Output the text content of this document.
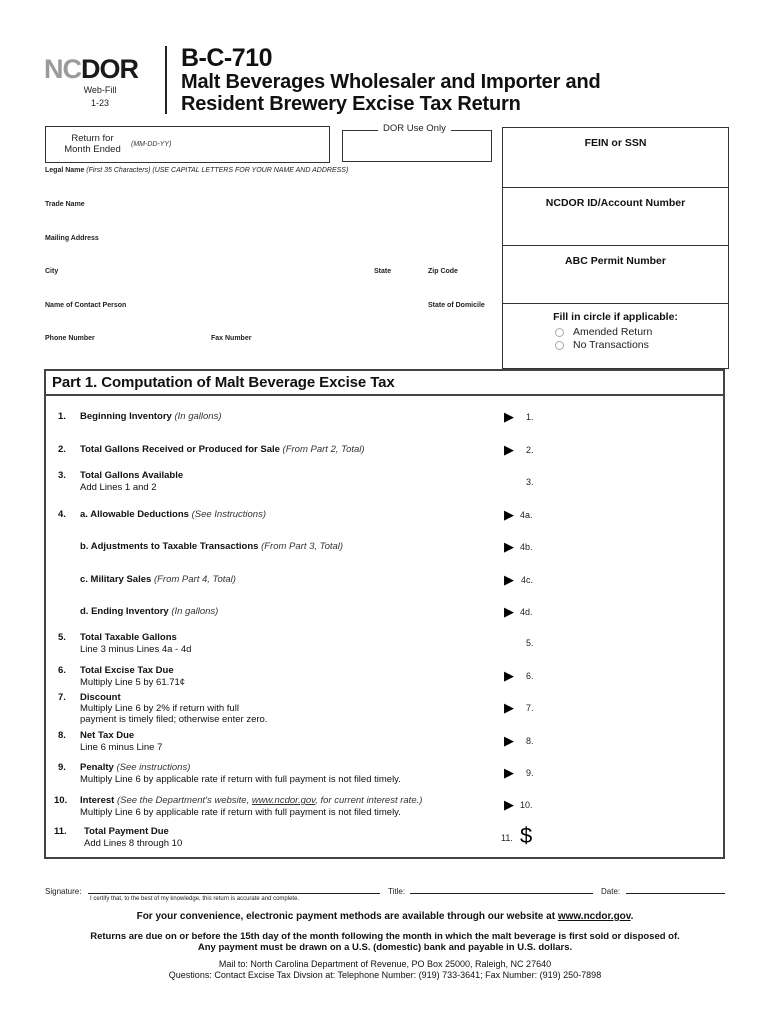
NCDOR
Web-Fill
1-23
B-C-710
Malt Beverages Wholesaler and Importer and
Resident Brewery Excise Tax Return
Return for
Month Ended	(MM-DD-YY)
DOR Use Only
FEIN or SSN
NCDOR ID/Account Number
ABC Permit Number
Fill in circle if applicable:
Amended Return
No Transactions
Legal Name (First 35 Characters) (USE CAPITAL LETTERS FOR YOUR NAME AND ADDRESS)
Trade Name
Mailing Address
City	State	Zip Code
Name of Contact Person	State of Domicile
Phone Number	Fax Number
Part 1. Computation of Malt Beverage Excise Tax
1. Beginning Inventory (In gallons)
2. Total Gallons Received or Produced for Sale (From Part 2, Total)
3. Total Gallons Available
Add Lines 1 and 2
4. a. Allowable Deductions (See Instructions)
b. Adjustments to Taxable Transactions (From Part 3, Total)
c. Military Sales (From Part 4, Total)
d. Ending Inventory (In gallons)
5. Total Taxable Gallons
Line 3 minus Lines 4a - 4d
6. Total Excise Tax Due
Multiply Line 5 by 61.71¢
7. Discount
Multiply Line 6 by 2% if return with full
payment is timely filed; otherwise enter zero.
8. Net Tax Due
Line 6 minus Line 7
9. Penalty (See instructions)
Multiply Line 6 by applicable rate if return with full payment is not filed timely.
10. Interest (See the Department's website, www.ncdor.gov, for current interest rate.)
Multiply Line 6 by applicable rate if return with full payment is not filed timely.
11. Total Payment Due
Add Lines 8 through 10
▶ 1.
▶ 2.
3.
▶ 4a.
▶ 4b.
▶ 4c.
▶ 4d.
5.
▶ 6.
▶ 7.
▶ 8.
▶ 9.
▶ 10.
11. $
Signature:
I certify that, to the best of my knowledge, this return is accurate and complete.
Title:	Date:
For your convenience, electronic payment methods are available through our website at www.ncdor.gov.
Returns are due on or before the 15th day of the month following the month in which the malt beverage is first sold or disposed of.
Any payment must be drawn on a U.S. (domestic) bank and payable in U.S. dollars.
Mail to: North Carolina Department of Revenue, PO Box 25000, Raleigh, NC 27640
Questions: Contact Excise Tax Divsion at: Telephone Number: (919) 733-3641; Fax Number: (919) 250-7898
